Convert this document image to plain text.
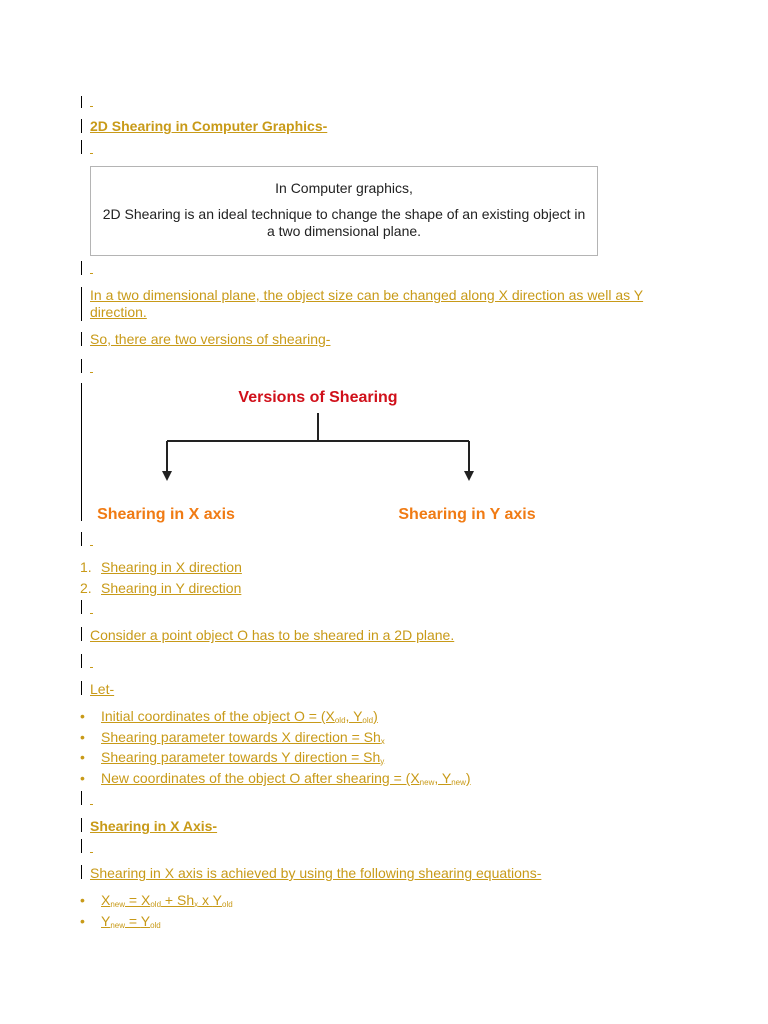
2D Shearing in Computer Graphics-
In Computer graphics,
2D Shearing is an ideal technique to change the shape of an existing object in a two dimensional plane.
In a two dimensional plane, the object size can be changed along X direction as well as Y direction.
So, there are two versions of shearing-
Versions of Shearing
Shearing in X axis	Shearing in Y axis
1. Shearing in X direction
2. Shearing in Y direction
Consider a point object O has to be sheared in a 2D plane.
Let-
• Initial coordinates of the object $O = (X_{old}$, $Y_{old}$)
• Shearing parameter towards X direction = $Sh_x$
• Shearing parameter towards Y direction = $Sh_y$
• New coordinates of the object O after shearing = ($X_{new}$, $Y_{new}$)
Shearing in X Axis-
Shearing in X axis is achieved by using the following shearing equations-
• $X_{new} = X_{old} + Sh_x$ x $Y_{old}$
• $Y_{new} = Y_{old}$
